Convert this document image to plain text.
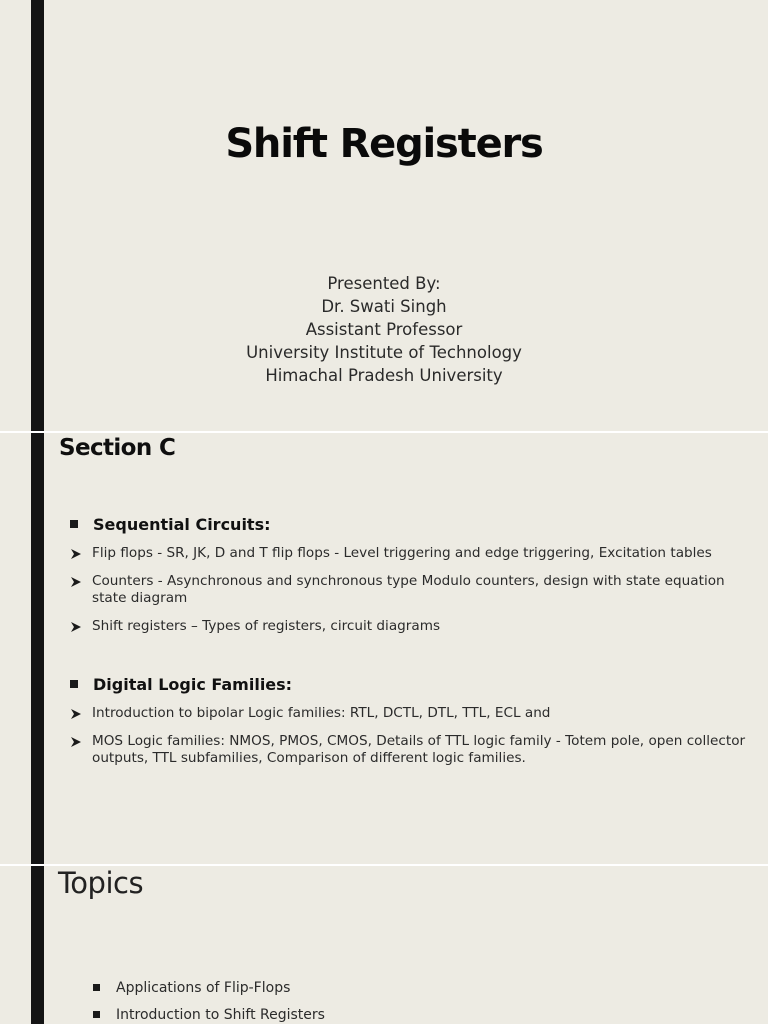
Shift Registers
Presented By:
Dr. Swati Singh
Assistant Professor
University Institute of Technology
Himachal Pradesh University
Section C
Sequential Circuits:
Flip flops - SR, JK, D and T flip flops - Level triggering and edge triggering, Excitation tables
Counters - Asynchronous and synchronous type Modulo counters, design with state equation state diagram
Shift registers – Types of registers, circuit diagrams
Digital Logic Families:
Introduction to bipolar Logic families: RTL, DCTL, DTL, TTL, ECL and
MOS Logic families: NMOS, PMOS, CMOS, Details of TTL logic family - Totem pole, open collector outputs, TTL subfamilies, Comparison of different logic families.
Topics
Applications of Flip-Flops
Introduction to Shift Registers
